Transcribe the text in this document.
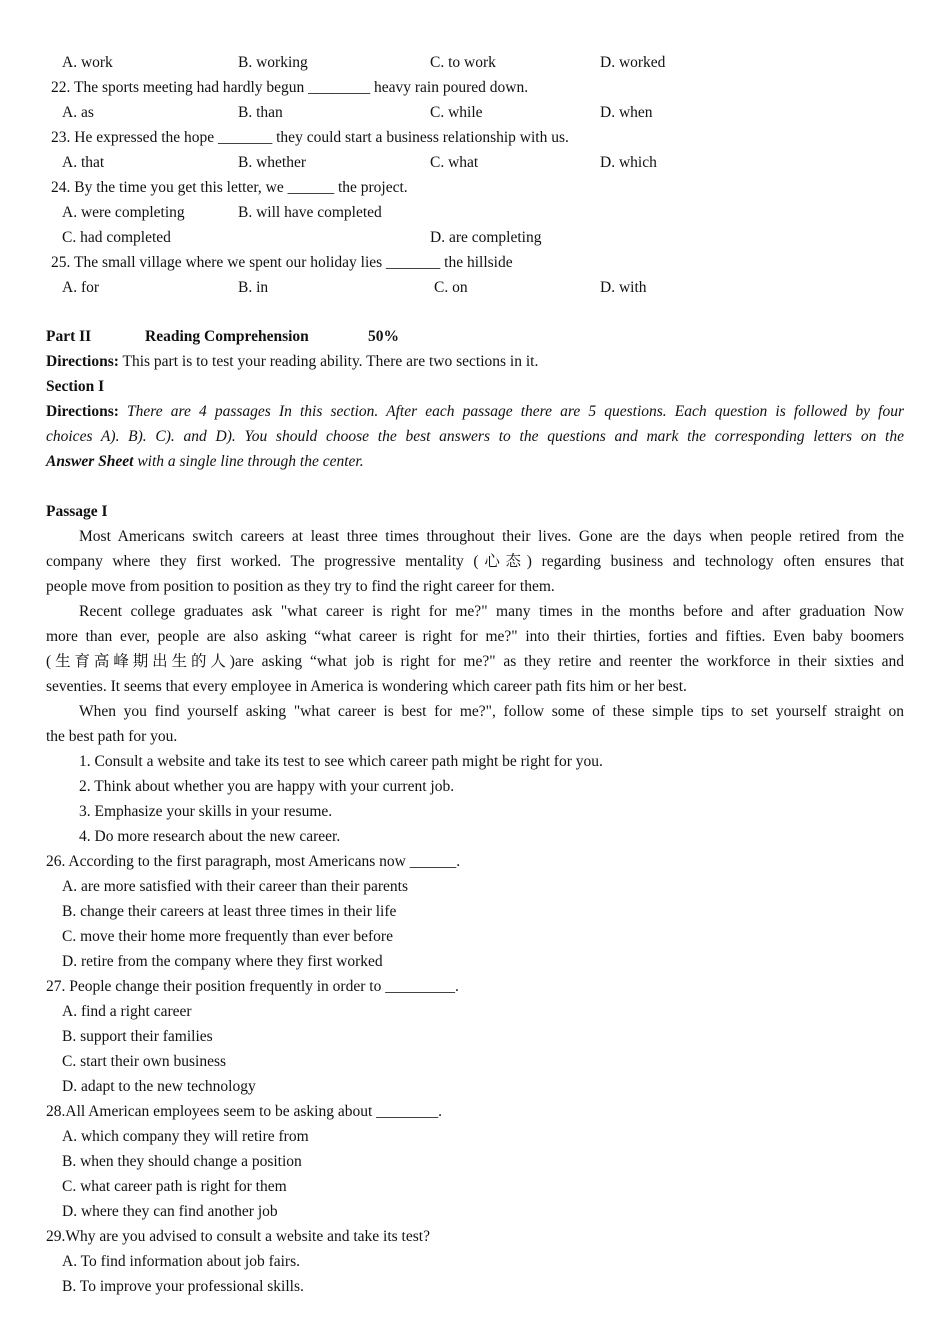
A. work	B. working	C. to work	D. worked
22. The sports meeting had hardly begun ________ heavy rain poured down.
A. as	B. than	C. while	D. when
23. He expressed the hope _______ they could start a business relationship with us.
A. that	B. whether	C. what	D. which
24. By the time you get this letter, we ______ the project.
A. were completing	B. will have completed
C. had completed	D. are completing
25. The small village where we spent our holiday lies _______ the hillside
A. for	B. in	C. on	D. with
Part II	Reading Comprehension	50%
Directions: This part is to test your reading ability. There are two sections in it.
Section I
Directions: There are 4 passages In this section. After each passage there are 5 questions. Each question is followed by four
choices A). B). C). and D). You should choose the best answers to the questions and mark the corresponding letters on the
Answer Sheet with a single line through the center.
Passage I
Most Americans switch careers at least three times throughout their lives. Gone are the days when people retired from the
company where they first worked. The progressive mentality (心态) regarding business and technology often ensures that
people move from position to position as they try to find the right career for them.
Recent college graduates ask "what career is right for me?" many times in the months before and after graduation Now
more than ever, people are also asking “what career is right for me?" into their thirties, forties and fifties. Even baby boomers
(生育高峰期出生的人)are asking “what job is right for me?" as they retire and reenter the workforce in their sixties and
seventies. It seems that every employee in America is wondering which career path fits him or her best.
When you find yourself asking "what career is best for me?", follow some of these simple tips to set yourself straight on
the best path for you.
1. Consult a website and take its test to see which career path might be right for you.
2. Think about whether you are happy with your current job.
3. Emphasize your skills in your resume.
4. Do more research about the new career.
26. According to the first paragraph, most Americans now ______.
A. are more satisfied with their career than their parents
B. change their careers at least three times in their life
C. move their home more frequently than ever before
D. retire from the company where they first worked
27. People change their position frequently in order to _________.
A. find a right career
B. support their families
C. start their own business
D. adapt to the new technology
28.All American employees seem to be asking about ________.
A. which company they will retire from
B. when they should change a position
C. what career path is right for them
D. where they can find another job
29.Why are you advised to consult a website and take its test?
A. To find information about job fairs.
B. To improve your professional skills.
